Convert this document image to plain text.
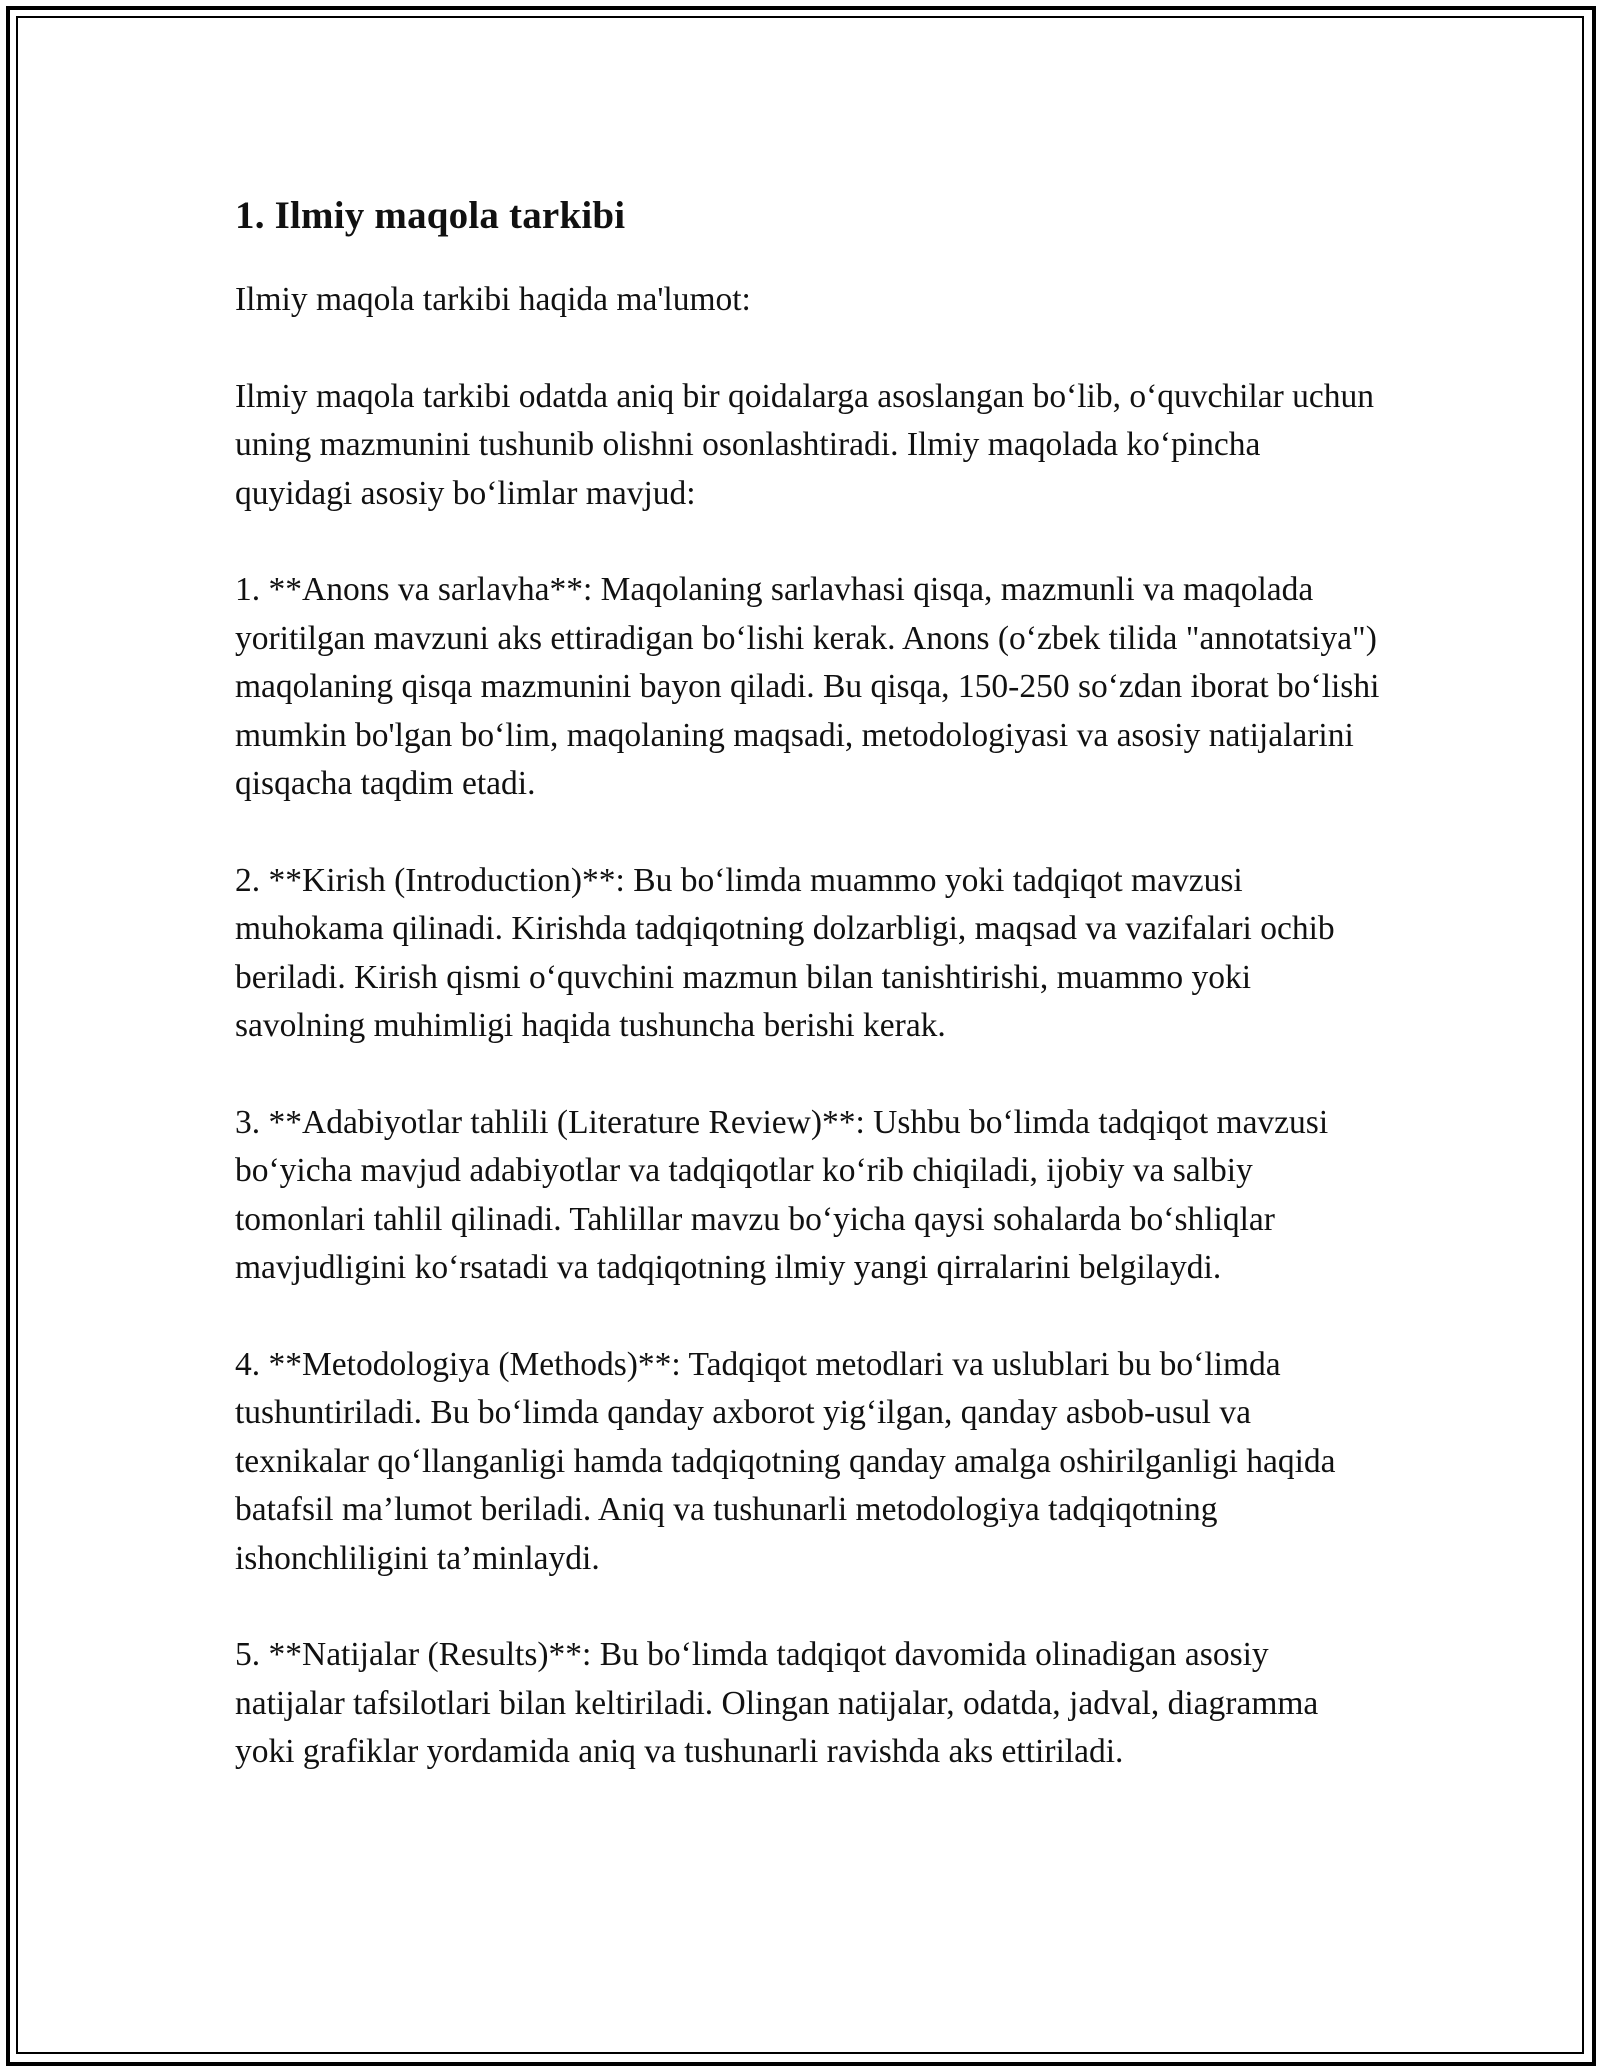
1. Ilmiy maqola tarkibi

Ilmiy maqola tarkibi haqida ma'lumot:

Ilmiy maqola tarkibi odatda aniq bir qoidalarga asoslangan bo‘lib, o‘quvchilar uchun uning mazmunini tushunib olishni osonlashtiradi. Ilmiy maqolada ko‘pincha quyidagi asosiy bo‘limlar mavjud:

1. **Anons va sarlavha**: Maqolaning sarlavhasi qisqa, mazmunli va maqolada yoritilgan mavzuni aks ettiradigan bo‘lishi kerak. Anons (o‘zbek tilida "annotatsiya") maqolaning qisqa mazmunini bayon qiladi. Bu qisqa, 150-250 so‘zdan iborat bo‘lishi mumkin bo'lgan bo‘lim, maqolaning maqsadi, metodologiyasi va asosiy natijalarini qisqacha taqdim etadi.

2. **Kirish (Introduction)**: Bu bo‘limda muammo yoki tadqiqot mavzusi muhokama qilinadi. Kirishda tadqiqotning dolzarbligi, maqsad va vazifalari ochib beriladi. Kirish qismi o‘quvchini mazmun bilan tanishtirishi, muammo yoki savolning muhimligi haqida tushuncha berishi kerak.

3. **Adabiyotlar tahlili (Literature Review)**: Ushbu bo‘limda tadqiqot mavzusi bo‘yicha mavjud adabiyotlar va tadqiqotlar ko‘rib chiqiladi, ijobiy va salbiy tomonlari tahlil qilinadi. Tahlillar mavzu bo‘yicha qaysi sohalarda bo‘shliqlar mavjudligini ko‘rsatadi va tadqiqotning ilmiy yangi qirralarini belgilaydi.

4. **Metodologiya (Methods)**: Tadqiqot metodlari va uslublari bu bo‘limda tushuntiriladi. Bu bo‘limda qanday axborot yig‘ilgan, qanday asbob-usul va texnikalar qo‘llanganligi hamda tadqiqotning qanday amalga oshirilganligi haqida batafsil ma’lumot beriladi. Aniq va tushunarli metodologiya tadqiqotning ishonchliligini ta’minlaydi.

5. **Natijalar (Results)**: Bu bo‘limda tadqiqot davomida olinadigan asosiy natijalar tafsilotlari bilan keltiriladi. Olingan natijalar, odatda, jadval, diagramma yoki grafiklar yordamida aniq va tushunarli ravishda aks ettiriladi.
